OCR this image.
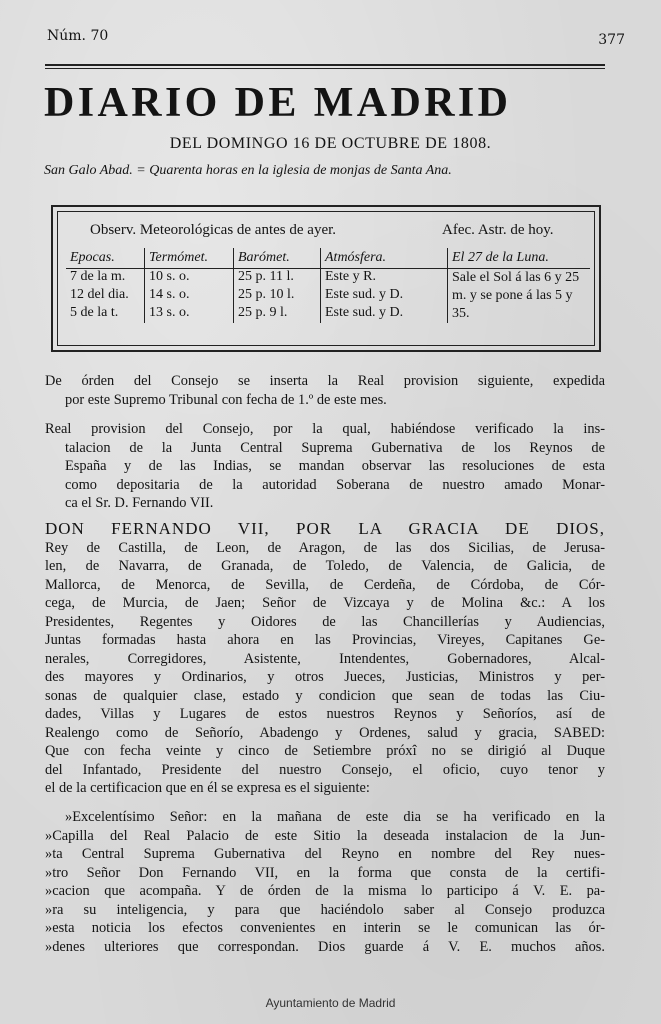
Núm. 70	377
DIARIO DE MADRID
DEL DOMINGO 16 DE OCTUBRE DE 1808.
San Galo Abad. = Quarenta horas en la iglesia de monjas de Santa Ana.
Observ. Meteorológicas de antes de ayer.	Afec. Astr. de hoy.
Epocas.	Termómet.	Barómet.	Atmósfera.	El 27 de la Luna.
7 de la m.	10 s. o.	25 p. 11 l.	Este y R.	Sale el Sol á las 6 y 25 m. y se pone á las 5 y 35.
12 del dia.	14 s. o.	25 p. 10 l.	Este sud. y D.	
5 de la t.	13 s. o.	25 p. 9 l.	Este sud. y D.	
De órden del Consejo se inserta la Real provision siguiente, expedida
por este Supremo Tribunal con fecha de 1.º de este mes.
Real provision del Consejo, por la qual, habiéndose verificado la ins-
talacion de la Junta Central Suprema Gubernativa de los Reynos de
España y de las Indias, se mandan observar las resoluciones de esta
como depositaria de la autoridad Soberana de nuestro amado Monar-
ca el Sr. D. Fernando VII.
DON FERNANDO VII, POR LA GRACIA DE DIOS,
Rey de Castilla, de Leon, de Aragon, de las dos Sicilias, de Jerusa-
len, de Navarra, de Granada, de Toledo, de Valencia, de Galicia, de
Mallorca, de Menorca, de Sevilla, de Cerdeña, de Córdoba, de Cór-
cega, de Murcia, de Jaen; Señor de Vizcaya y de Molina &c.: A los
Presidentes, Regentes y Oidores de las Chancillerías y Audiencias,
Juntas formadas hasta ahora en las Provincias, Vireyes, Capitanes Ge-
nerales, Corregidores, Asistente, Intendentes, Gobernadores, Alcal-
des mayores y Ordinarios, y otros Jueces, Justicias, Ministros y per-
sonas de qualquier clase, estado y condicion que sean de todas las Ciu-
dades, Villas y Lugares de estos nuestros Reynos y Señoríos, así de
Realengo como de Señorío, Abadengo y Ordenes, salud y gracia, SABED:
Que con fecha veinte y cinco de Setiembre próxî no se dirigió al Duque
del Infantado, Presidente del nuestro Consejo, el oficio, cuyo tenor y
el de la certificacion que en él se expresa es el siguiente:
»Excelentísimo Señor: en la mañana de este dia se ha verificado en la
»Capilla del Real Palacio de este Sitio la deseada instalacion de la Jun-
»ta Central Suprema Gubernativa del Reyno en nombre del Rey nues-
»tro Señor Don Fernando VII, en la forma que consta de la certifi-
»cacion que acompaña. Y de órden de la misma lo participo á V. E. pa-
»ra su inteligencia, y para que haciéndolo saber al Consejo produzca
»esta noticia los efectos convenientes en interin se le comunican las ór-
»denes ulteriores que correspondan. Dios guarde á V. E. muchos años.
Ayuntamiento de Madrid
